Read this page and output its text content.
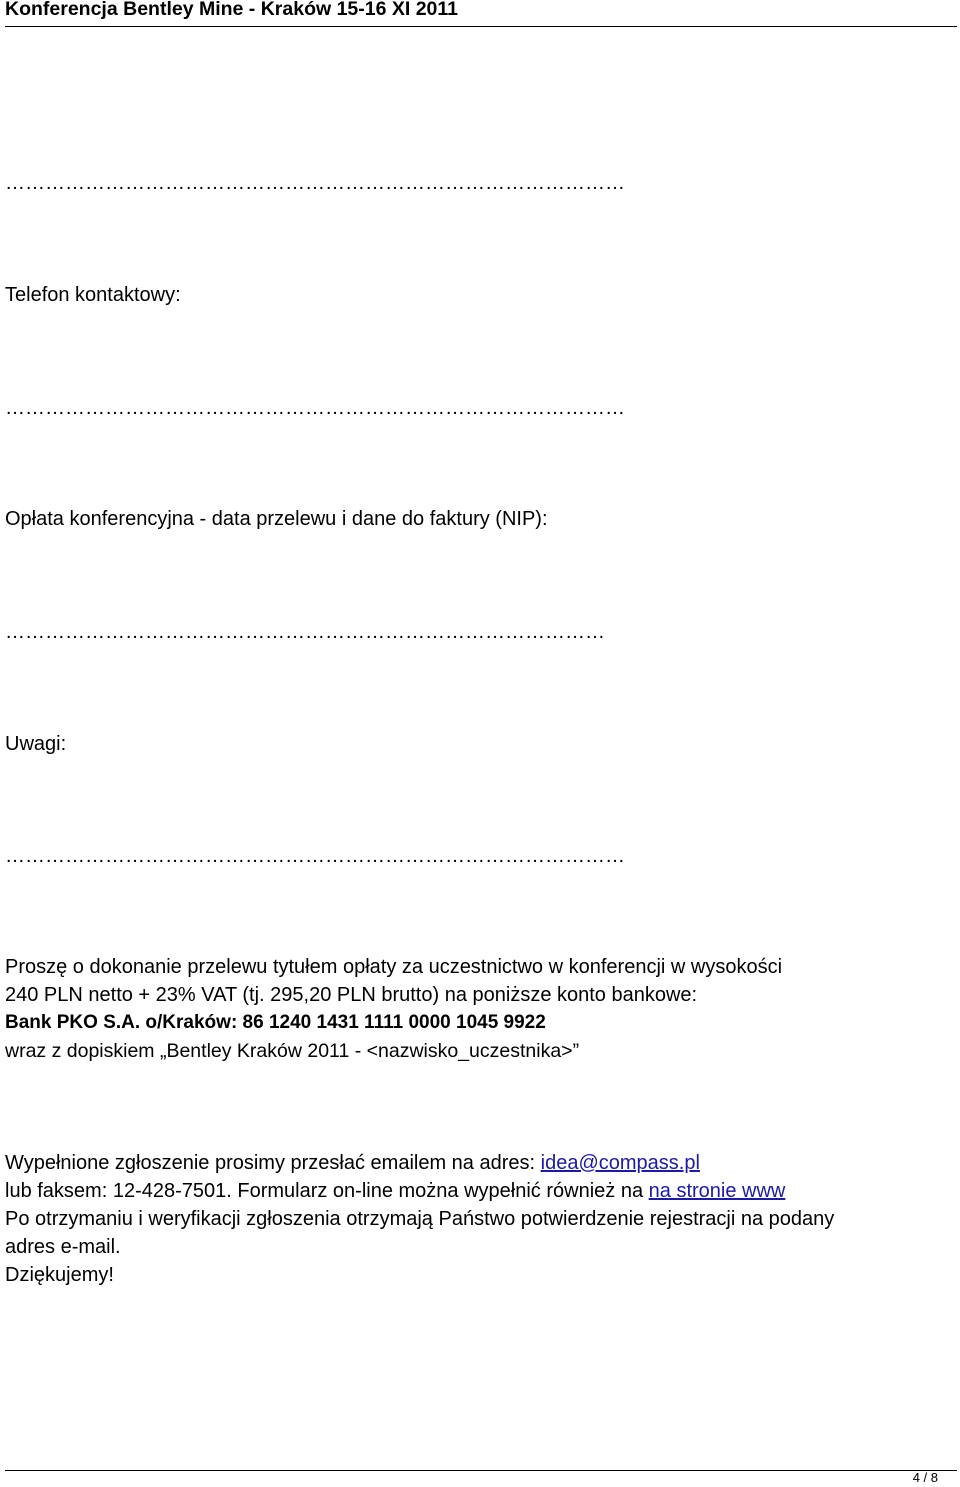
Konferencja Bentley Mine - Kraków 15-16 XI 2011
…………………………………………………………………………………
Telefon kontaktowy:
…………………………………………………………………………………
Opłata konferencyjna - data przelewu i dane do faktury (NIP):
………………………………………………………………………………
Uwagi:
…………………………………………………………………………………
Proszę o dokonanie przelewu tytułem opłaty za uczestnictwo w konferencji w wysokości
240 PLN netto + 23% VAT (tj. 295,20 PLN brutto) na poniższe konto bankowe:
Bank PKO S.A. o/Kraków: 86 1240 1431 1111 0000 1045 9922
wraz z dopiskiem „Bentley Kraków 2011 - <nazwisko_uczestnika>”
Wypełnione zgłoszenie prosimy przesłać emailem na adres: idea@compass.pl
lub faksem: 12-428-7501. Formularz on-line można wypełnić również na na stronie www
Po otrzymaniu i weryfikacji zgłoszenia otrzymają Państwo potwierdzenie rejestracji na podany
adres e-mail.
Dziękujemy!
4 / 8
